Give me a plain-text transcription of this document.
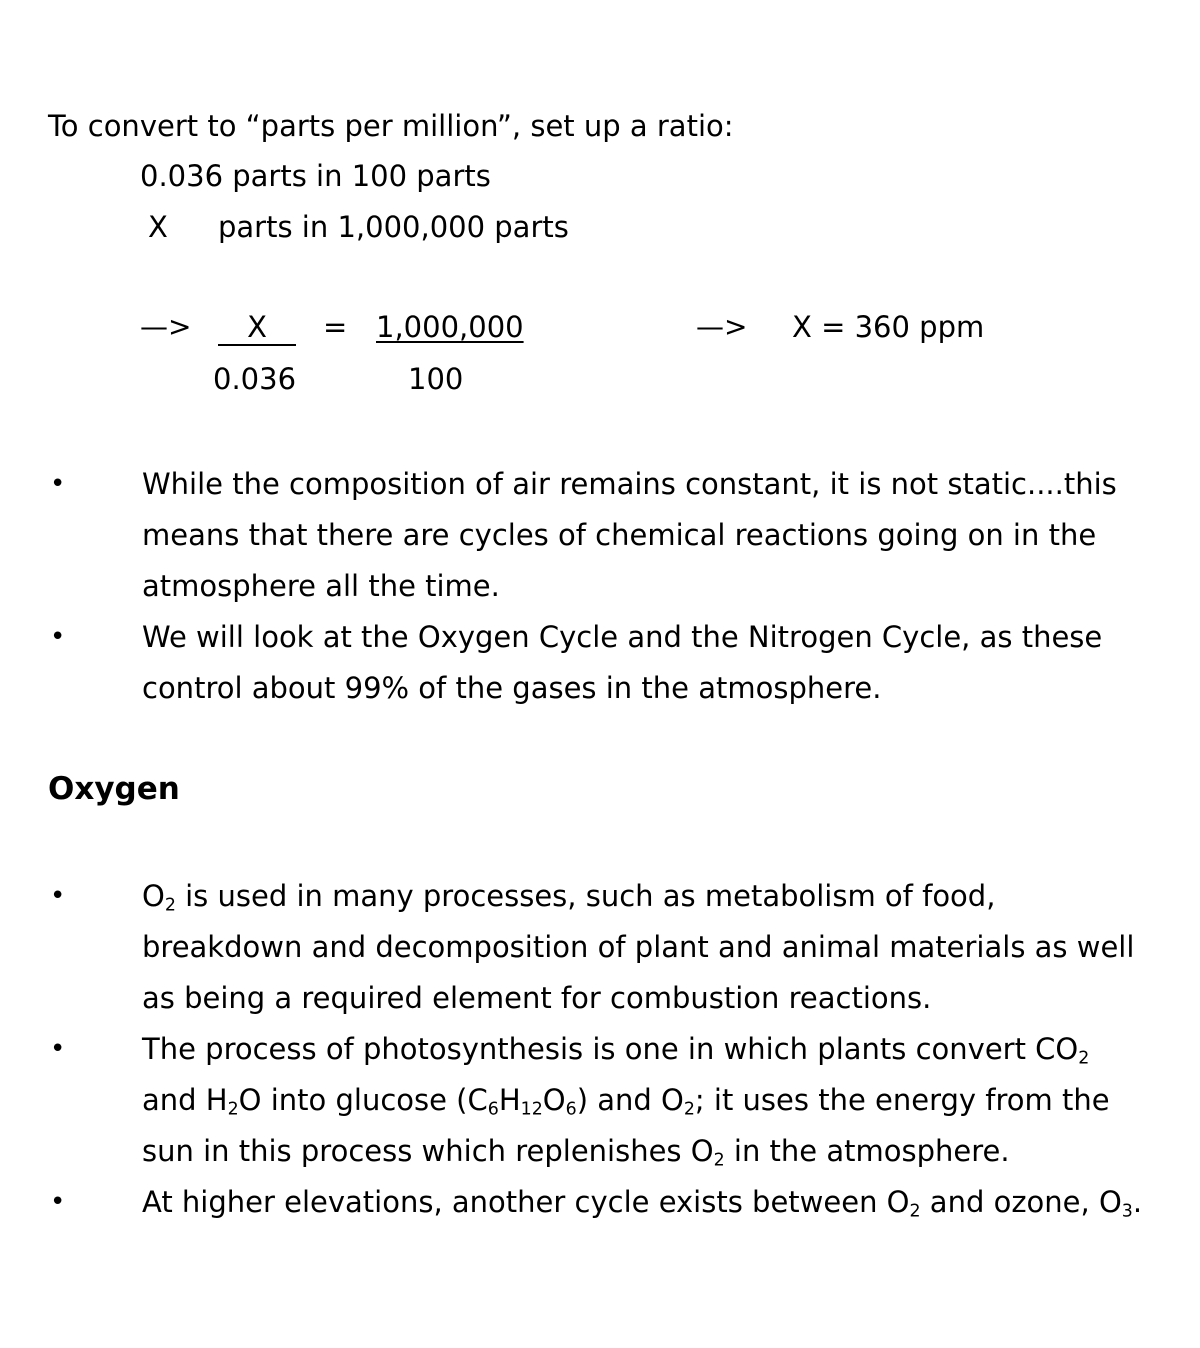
To convert to “parts per million”, set up a ratio:
0.036 parts in 100 parts
X parts in 1,000,000 parts
—>	X	= 1,000,000
0.036	100
—> X = 360 ppm
•	While the composition of air remains constant, it is not static....this means that there are cycles of chemical reactions going on in the atmosphere all the time.
•	We will look at the Oxygen Cycle and the Nitrogen Cycle, as these control about 99% of the gases in the atmosphere.
Oxygen
•	$O_2$ is used in many processes, such as metabolism of food, breakdown and decomposition of plant and animal materials as well as being a required element for combustion reactions.
•	The process of photosynthesis is one in which plants convert $CO_2$ and $H_2O$ into glucose $(C_6H_{12}O_6)$ and $O_2$; it uses the energy from the sun in this process which replenishes $O_2$ in the atmosphere.
•	At higher elevations, another cycle exists between $O_2$ and ozone, $O_3$.
